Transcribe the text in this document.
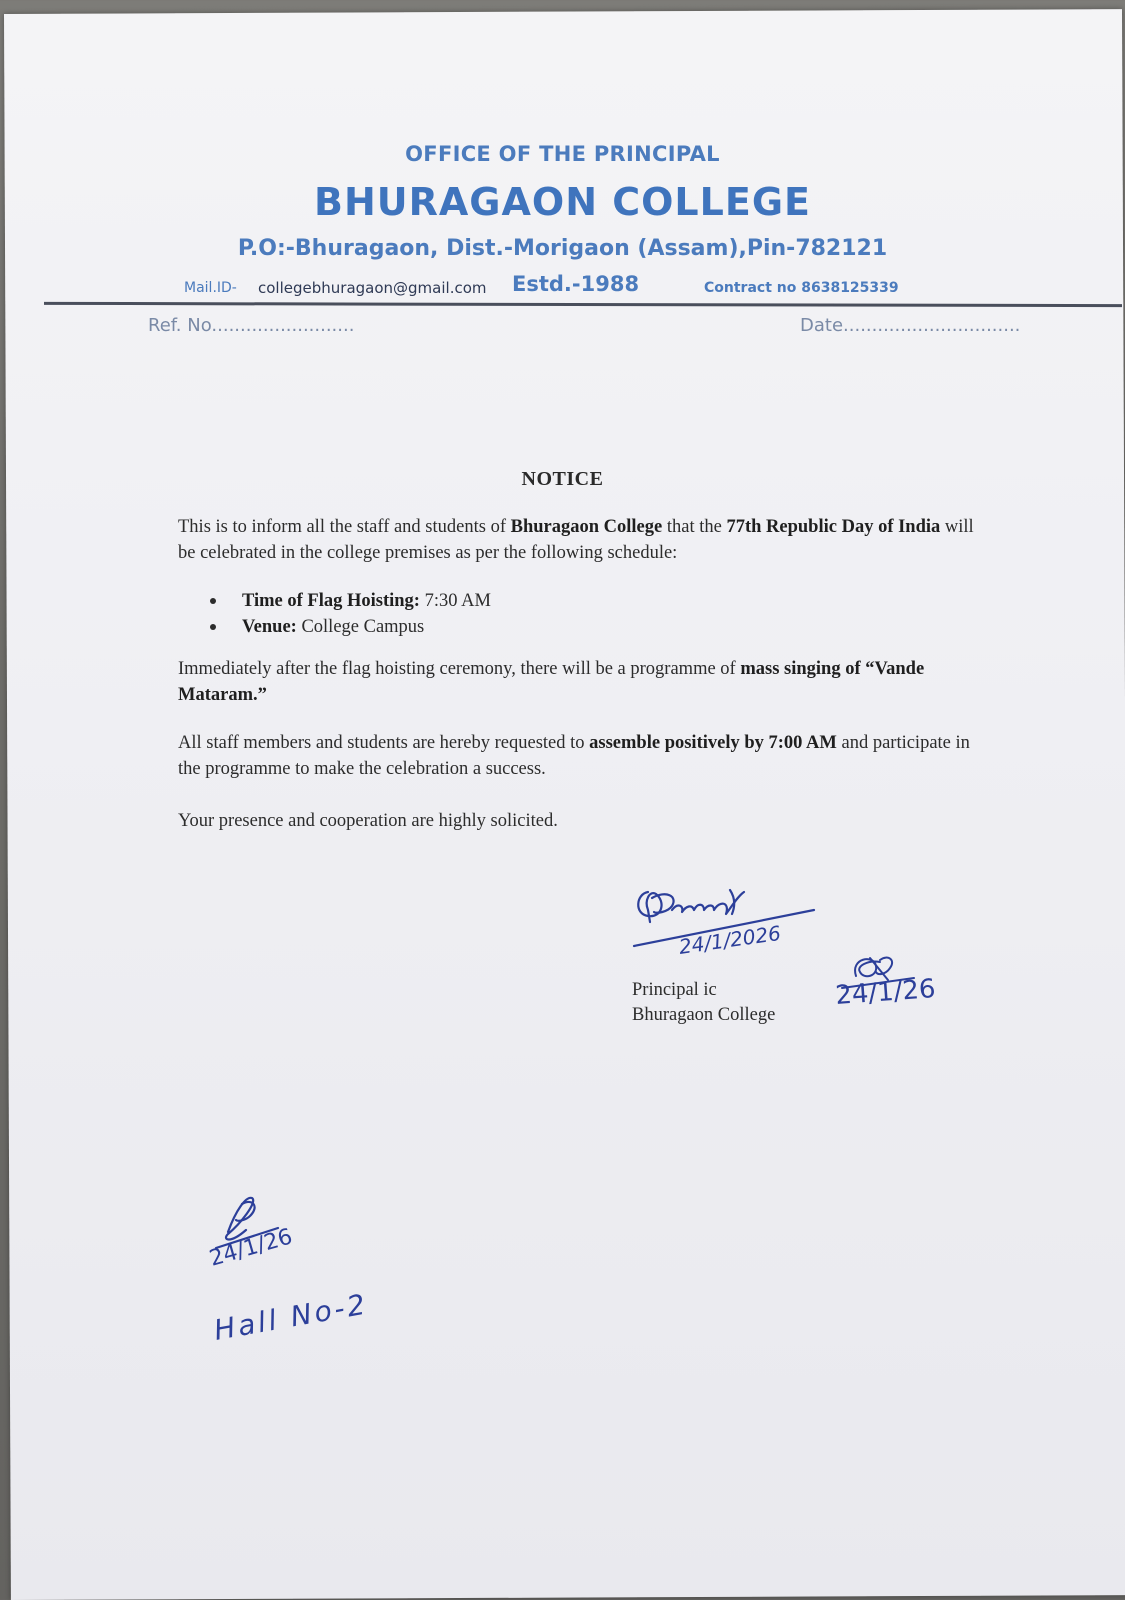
OFFICE OF THE PRINCIPAL
BHURAGAON COLLEGE
P.O:-Bhuragaon, Dist.-Morigaon (Assam),Pin-782121
Mail.ID- collegebhuragaon@gmail.com Estd.-1988	Contract no 8638125339
Ref. No.........................	Date...............................
NOTICE
This is to inform all the staff and students of Bhuragaon College that the 77th Republic Day of India will be celebrated in the college premises as per the following schedule:
Time of Flag Hoisting: 7:30 AM
Venue: College Campus
Immediately after the flag hoisting ceremony, there will be a programme of mass singing of “Vande Mataram.”
All staff members and students are hereby requested to assemble positively by 7:00 AM and participate in the programme to make the celebration a success.
Your presence and cooperation are highly solicited.
Principal ic
Bhuragaon College
24/1/2026
24/1/26
24/1/26
Hall No-2
